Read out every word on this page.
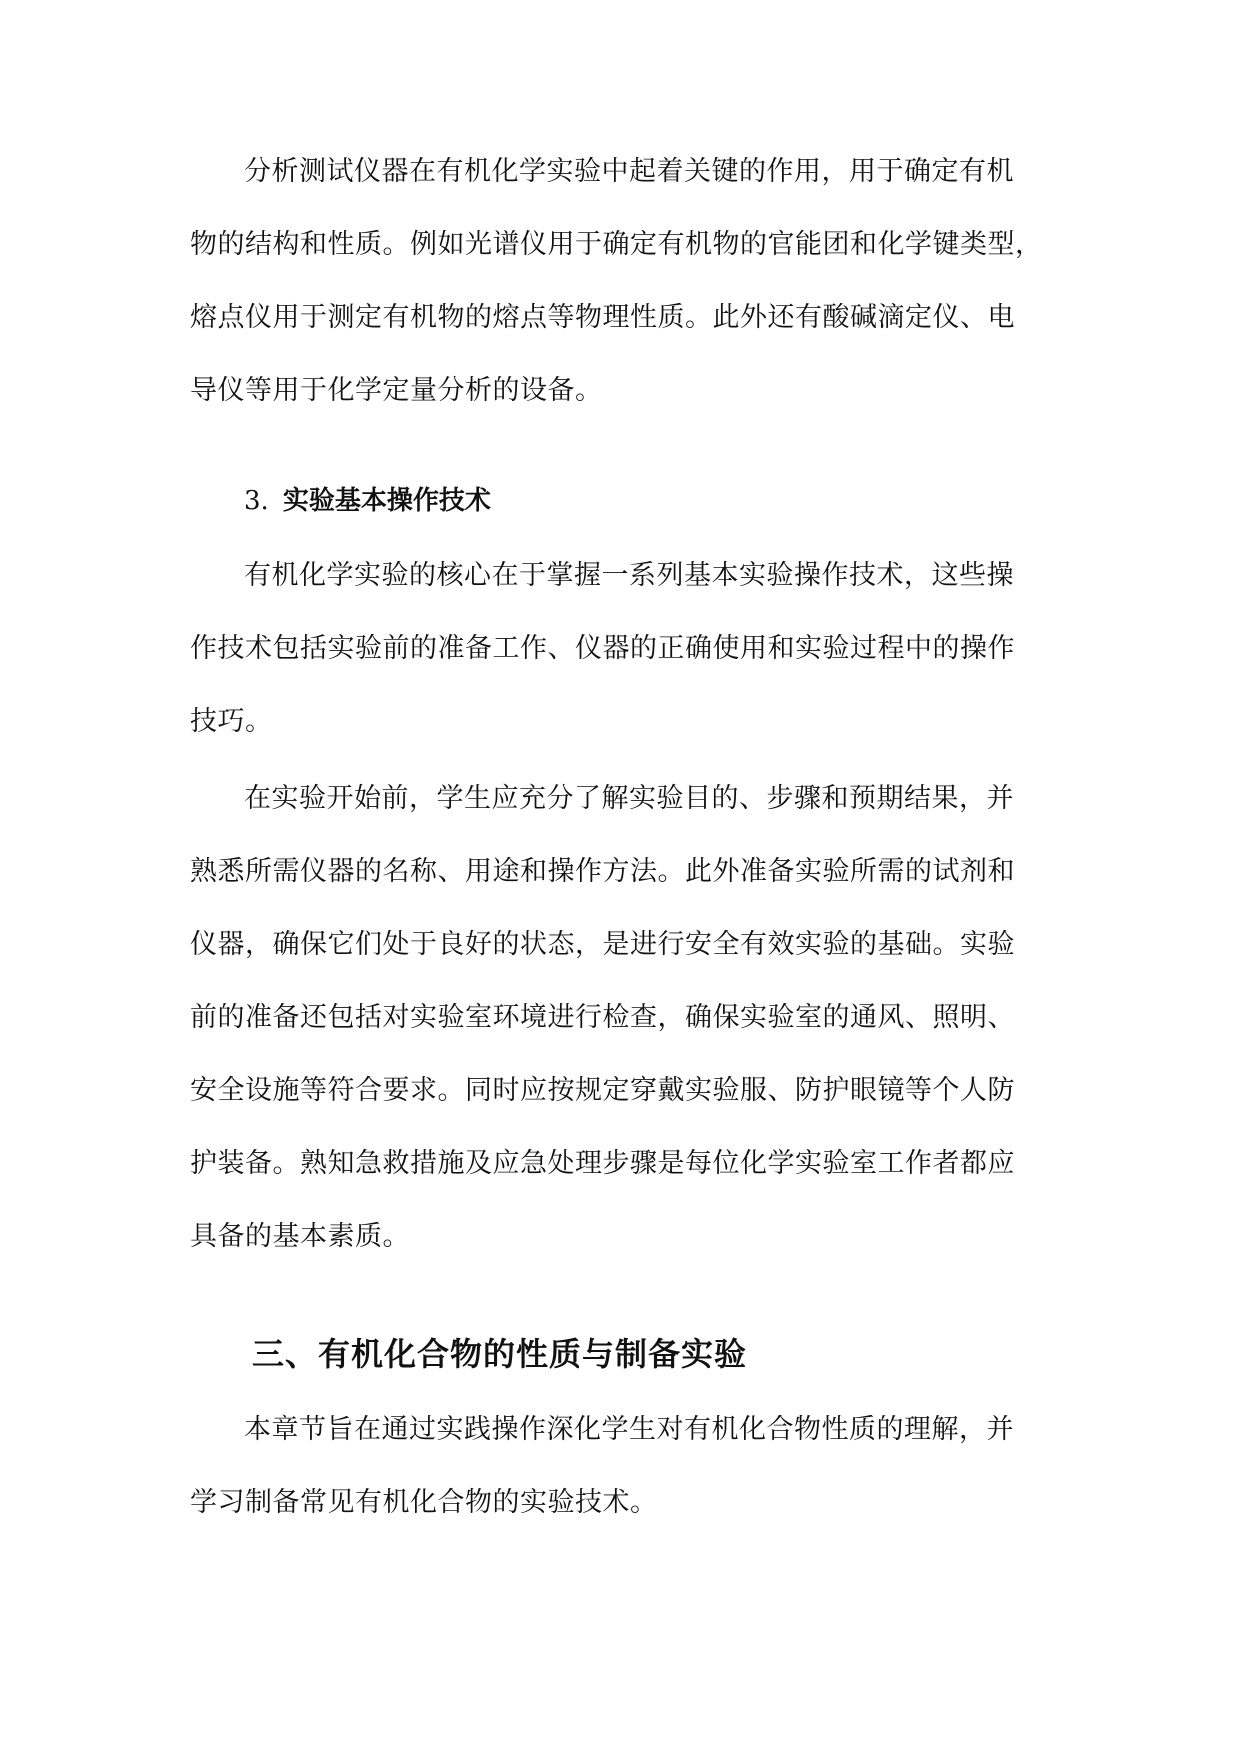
分析测试仪器在有机化学实验中起着关键的作用，用于确定有机
物的结构和性质。例如光谱仪用于确定有机物的官能团和化学键类型，
熔点仪用于测定有机物的熔点等物理性质。此外还有酸碱滴定仪、电
导仪等用于化学定量分析的设备。
3. 实验基本操作技术
有机化学实验的核心在于掌握一系列基本实验操作技术，这些操
作技术包括实验前的准备工作、仪器的正确使用和实验过程中的操作
技巧。
在实验开始前，学生应充分了解实验目的、步骤和预期结果，并
熟悉所需仪器的名称、用途和操作方法。此外准备实验所需的试剂和
仪器，确保它们处于良好的状态，是进行安全有效实验的基础。实验
前的准备还包括对实验室环境进行检查，确保实验室的通风、照明、
安全设施等符合要求。同时应按规定穿戴实验服、防护眼镜等个人防
护装备。熟知急救措施及应急处理步骤是每位化学实验室工作者都应
具备的基本素质。
三、有机化合物的性质与制备实验
本章节旨在通过实践操作深化学生对有机化合物性质的理解，并
学习制备常见有机化合物的实验技术。
